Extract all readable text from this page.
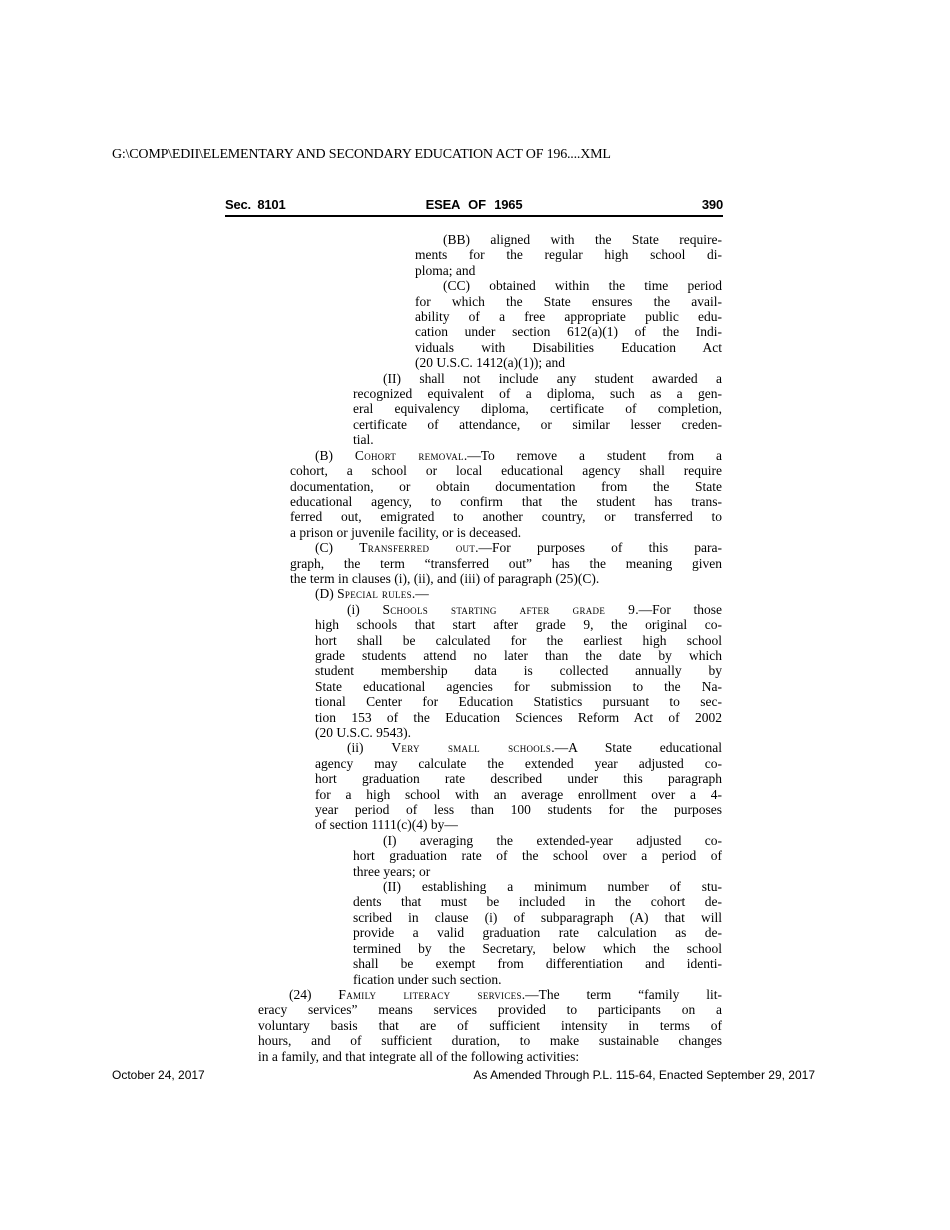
G:\COMP\EDII\ELEMENTARY AND SECONDARY EDUCATION ACT OF 196....XML
Sec. 8101	ESEA OF 1965	390
(BB) aligned with the State require-
ments for the regular high school di-
ploma; and
(CC) obtained within the time period
for which the State ensures the avail-
ability of a free appropriate public edu-
cation under section 612(a)(1) of the Indi-
viduals with Disabilities Education Act
(20 U.S.C. 1412(a)(1)); and
(II) shall not include any student awarded a
recognized equivalent of a diploma, such as a gen-
eral equivalency diploma, certificate of completion,
certificate of attendance, or similar lesser creden-
tial.
(B) Cohort removal.—To remove a student from a
cohort, a school or local educational agency shall require
documentation, or obtain documentation from the State
educational agency, to confirm that the student has trans-
ferred out, emigrated to another country, or transferred to
a prison or juvenile facility, or is deceased.
(C) Transferred out.—For purposes of this para-
graph, the term “transferred out” has the meaning given
the term in clauses (i), (ii), and (iii) of paragraph (25)(C).
(D) Special rules.—
(i) Schools starting after grade 9.—For those
high schools that start after grade 9, the original co-
hort shall be calculated for the earliest high school
grade students attend no later than the date by which
student membership data is collected annually by
State educational agencies for submission to the Na-
tional Center for Education Statistics pursuant to sec-
tion 153 of the Education Sciences Reform Act of 2002
(20 U.S.C. 9543).
(ii) Very small schools.—A State educational
agency may calculate the extended year adjusted co-
hort graduation rate described under this paragraph
for a high school with an average enrollment over a 4-
year period of less than 100 students for the purposes
of section 1111(c)(4) by—
(I) averaging the extended-year adjusted co-
hort graduation rate of the school over a period of
three years; or
(II) establishing a minimum number of stu-
dents that must be included in the cohort de-
scribed in clause (i) of subparagraph (A) that will
provide a valid graduation rate calculation as de-
termined by the Secretary, below which the school
shall be exempt from differentiation and identi-
fication under such section.
(24) Family literacy services.—The term “family lit-
eracy services” means services provided to participants on a
voluntary basis that are of sufficient intensity in terms of
hours, and of sufficient duration, to make sustainable changes
in a family, and that integrate all of the following activities:
October 24, 2017	As Amended Through P.L. 115-64, Enacted September 29, 2017
